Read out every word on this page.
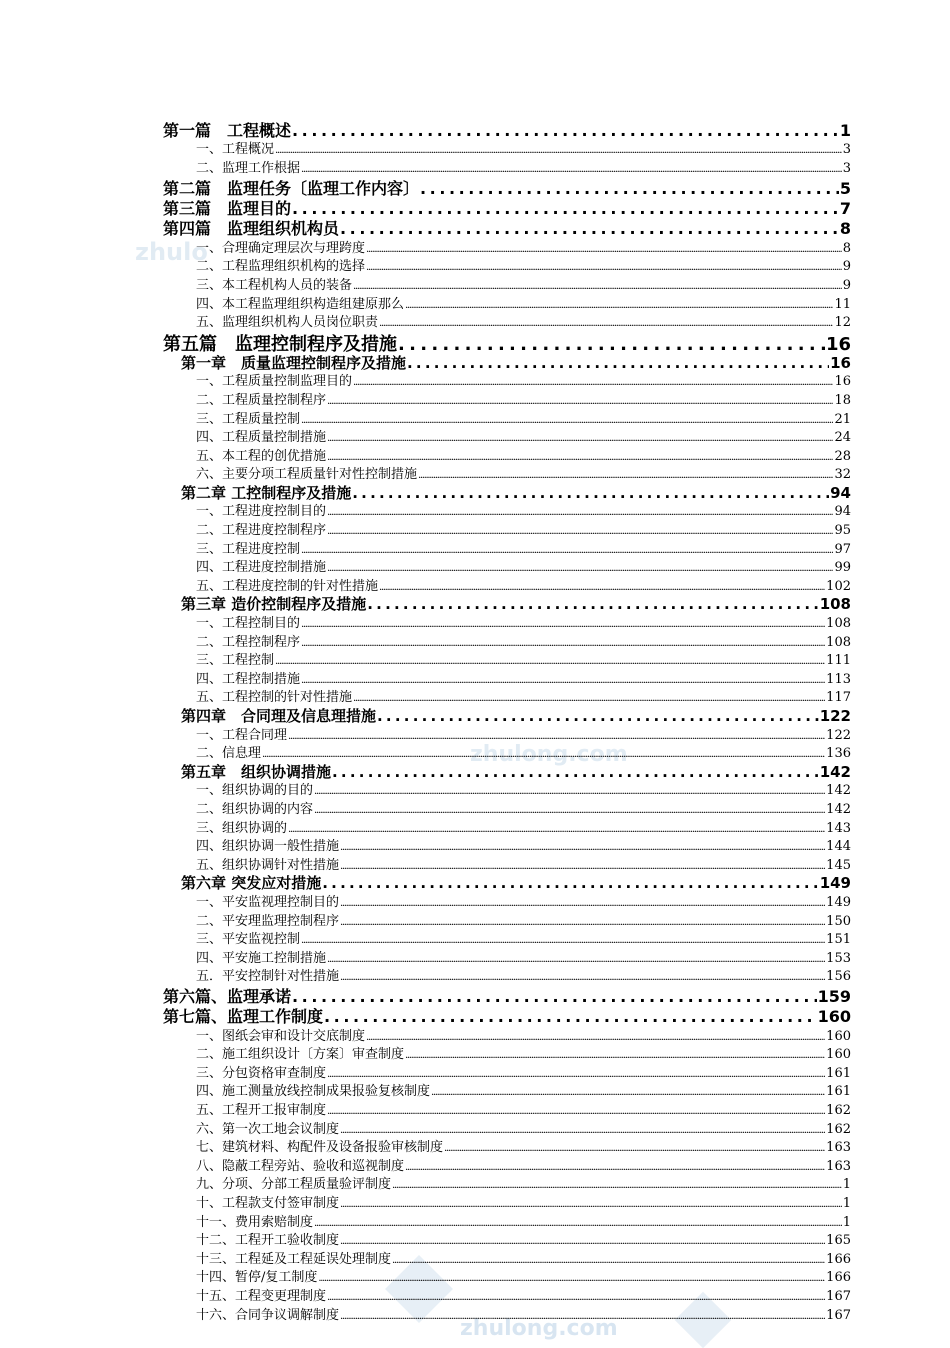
zhulo
zhulong.com
zhulong.com
第一篇　工程概述 . . .	1
一、工程概况 .....	3
二、监理工作根据 .....	3
第二篇　监理任务〔监理工作内容〕 . . .	5
第三篇　监理目的 . . .	7
第四篇　监理组织机构员 . . .	8
一、合理确定理层次与理跨度 .....	8
二、工程监理组织机构的选择 .....	9
三、本工程机构人员的装备 .....	9
四、本工程监理组织构造组建原那么 .....	11
五、监理组织机构人员岗位职责 .....	12
第五篇　监理控制程序及措施 . . .	16
第一章　质量监理控制程序及措施 . . .	16
一、工程质量控制监理目的 .....	16
二、工程质量控制程序 .....	18
三、工程质量控制 .....	21
四、工程质量控制措施 .....	24
五、本工程的创优措施 .....	28
六、主要分项工程质量针对性控制措施 .....	32
第二章 工控制程序及措施 . . .	94
一、工程进度控制目的 .....	94
二、工程进度控制程序 .....	95
三、工程进度控制 .....	97
四、工程进度控制措施 .....	99
五、工程进度控制的针对性措施 .....	102
第三章 造价控制程序及措施 . . .	108
一、工程控制目的 .....	108
二、工程控制程序 .....	108
三、工程控制 .....	111
四、工程控制措施 .....	113
五、工程控制的针对性措施 .....	117
第四章　合同理及信息理措施 . . .	122
一、工程合同理 .....	122
二、信息理 .....	136
第五章　组织协调措施 . . .	142
一、组织协调的目的 .....	142
二、组织协调的内容 .....	142
三、组织协调的 .....	143
四、组织协调一般性措施 .....	144
五、组织协调针对性措施 .....	145
第六章 突发应对措施 . . .	149
一、平安监视理控制目的 .....	149
二、平安理监理控制程序 .....	150
三、平安监视控制 .....	151
四、平安施工控制措施 .....	153
五．平安控制针对性措施 .....	156
第六篇、监理承诺 . . .	159
第七篇、监理工作制度 . . .	160
一、图纸会审和设计交底制度 .....	160
二、施工组织设计〔方案〕审查制度 .....	160
三、分包资格审查制度 .....	161
四、施工测量放线控制成果报验复核制度 .....	161
五、工程开工报审制度 .....	162
六、第一次工地会议制度 .....	162
七、建筑材料、构配件及设备报验审核制度 .....	163
八、隐蔽工程旁站、验收和巡视制度 .....	163
九、分项、分部工程质量验评制度 .....	1
十、工程款支付签审制度 .....	1
十一、费用索赔制度 .....	1
十二、工程开工验收制度 .....	165
十三、工程延及工程延误处理制度 .....	166
十四、暂停/复工制度 .....	166
十五、工程变更理制度 .....	167
十六、合同争议调解制度 .....	167
